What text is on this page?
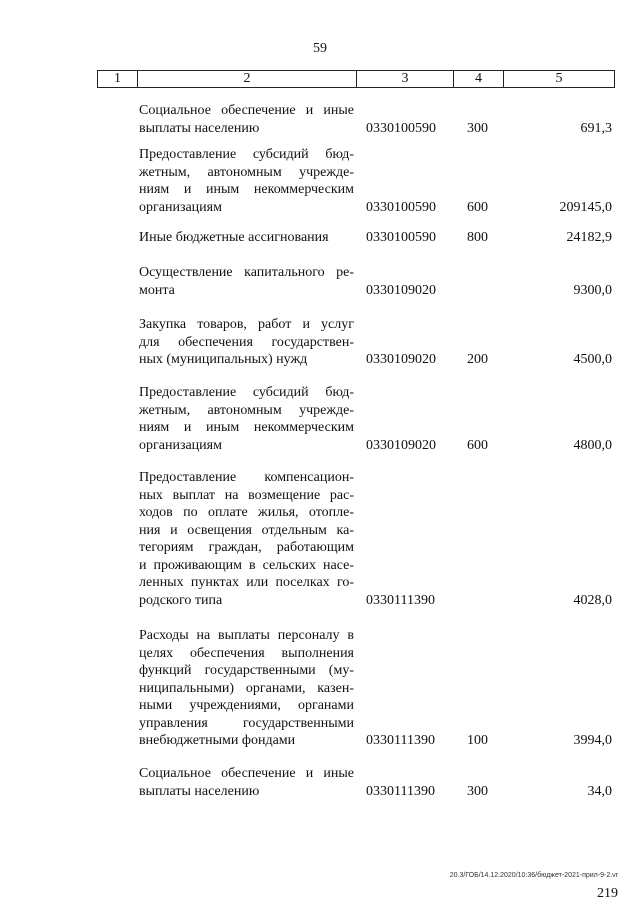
59
1	2	3	4	5
Социальное обеспечение и иные
выплаты населению	0330100590 300	691,3
Предоставление субсидий бюд-
жетным, автономным учрежде-
ниям и иным некоммерческим
организациям	0330100590 600	209145,0
Иные бюджетные ассигнования	0330100590 800	24182,9
Осуществление капитального ре-
монта	0330109020	9300,0
Закупка товаров, работ и услуг
для обеспечения государствен-
ных (муниципальных) нужд	0330109020 200	4500,0
Предоставление субсидий бюд-
жетным, автономным учрежде-
ниям и иным некоммерческим
организациям	0330109020 600	4800,0
Предоставление компенсацион-
ных выплат на возмещение рас-
ходов по оплате жилья, отопле-
ния и освещения отдельным ка-
тегориям граждан, работающим
и проживающим в сельских насе-
ленных пунктах или поселках го-
родского типа	0330111390	4028,0
Расходы на выплаты персоналу в
целях обеспечения выполнения
функций государственными (му-
ниципальными) органами, казен-
ными учреждениями, органами
управления государственными
внебюджетными фондами	0330111390 100	3994,0
Социальное обеспечение и иные
выплаты населению	0330111390 300	34,0
20.3/ГОБ/14.12.2020/10:36/бюджет-2021-прил-9-2.vr
219
